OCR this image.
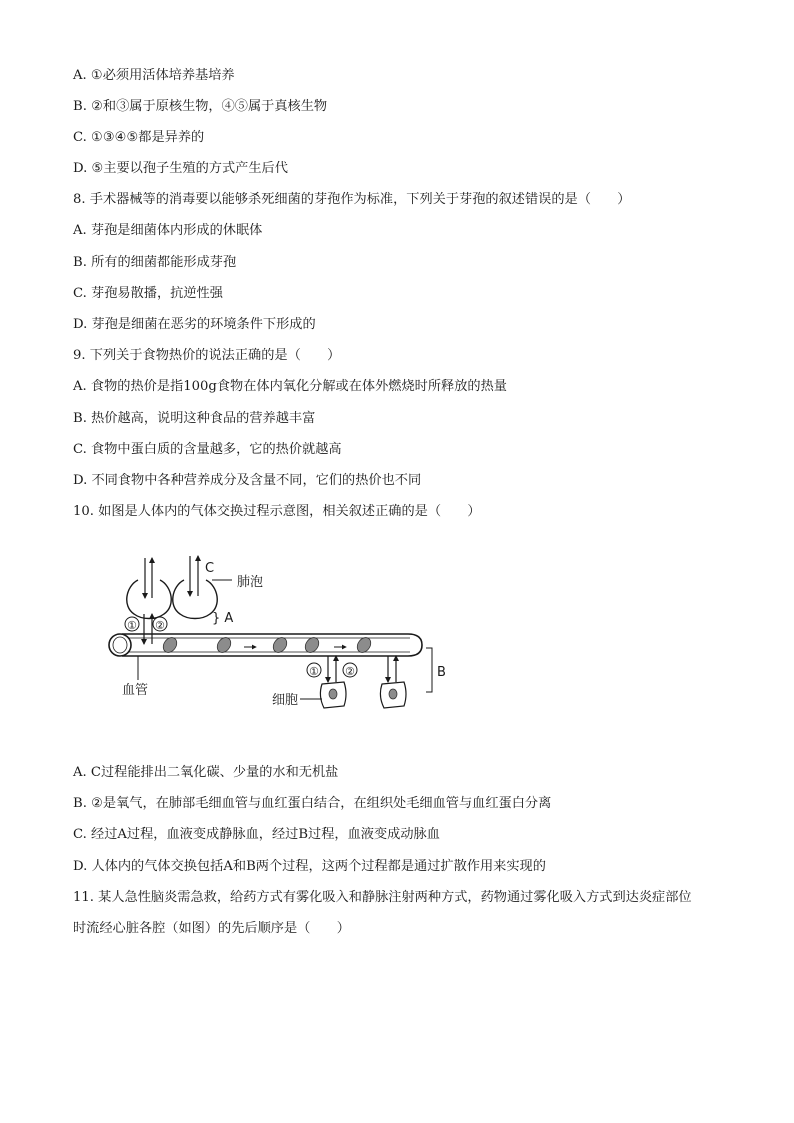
A. ①必须用活体培养基培养
B. ②和③属于原核生物，④⑤属于真核生物
C. ①③④⑤都是异养的
D. ⑤主要以孢子生殖的方式产生后代
8. 手术器械等的消毒要以能够杀死细菌的芽孢作为标准，下列关于芽孢的叙述错误的是（　　）
A. 芽孢是细菌体内形成的休眠体
B. 所有的细菌都能形成芽孢
C. 芽孢易散播，抗逆性强
D. 芽孢是细菌在恶劣的环境条件下形成的
9. 下列关于食物热价的说法正确的是（　　）
A. 食物的热价是指100g食物在体内氧化分解或在体外燃烧时所释放的热量
B. 热价越高，说明这种食品的营养越丰富
C. 食物中蛋白质的含量越多，它的热价就越高
D. 不同食物中各种营养成分及含量不同，它们的热价也不同
10. 如图是人体内的气体交换过程示意图，相关叙述正确的是（　　）
C
肺泡
} A
① ②
① ②	B
血管
细胞
A. C过程能排出二氧化碳、少量的水和无机盐
B. ②是氧气，在肺部毛细血管与血红蛋白结合，在组织处毛细血管与血红蛋白分离
C. 经过A过程，血液变成静脉血，经过B过程，血液变成动脉血
D. 人体内的气体交换包括A和B两个过程，这两个过程都是通过扩散作用来实现的
11. 某人急性脑炎需急救，给药方式有雾化吸入和静脉注射两种方式，药物通过雾化吸入方式到达炎症部位
时流经心脏各腔（如图）的先后顺序是（　　）
